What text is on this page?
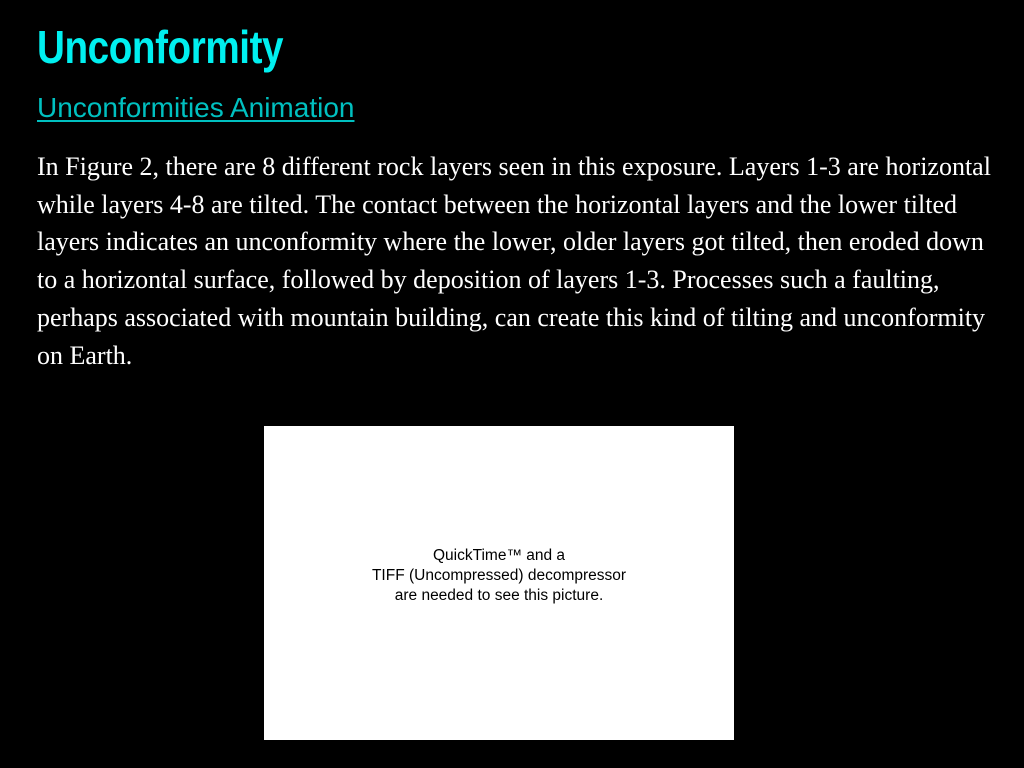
Unconformity
Unconformities Animation

In Figure 2, there are 8 different rock layers seen in this exposure. Layers 1-3 are horizontal while layers 4-8 are tilted. The contact between the horizontal layers and the lower tilted layers indicates an unconformity where the lower, older layers got tilted, then eroded down to a horizontal surface, followed by deposition of layers 1-3. Processes such a faulting, perhaps associated with mountain building, can create this kind of tilting and unconformity on Earth.

QuickTime™ and a
TIFF (Uncompressed) decompressor
are needed to see this picture.
